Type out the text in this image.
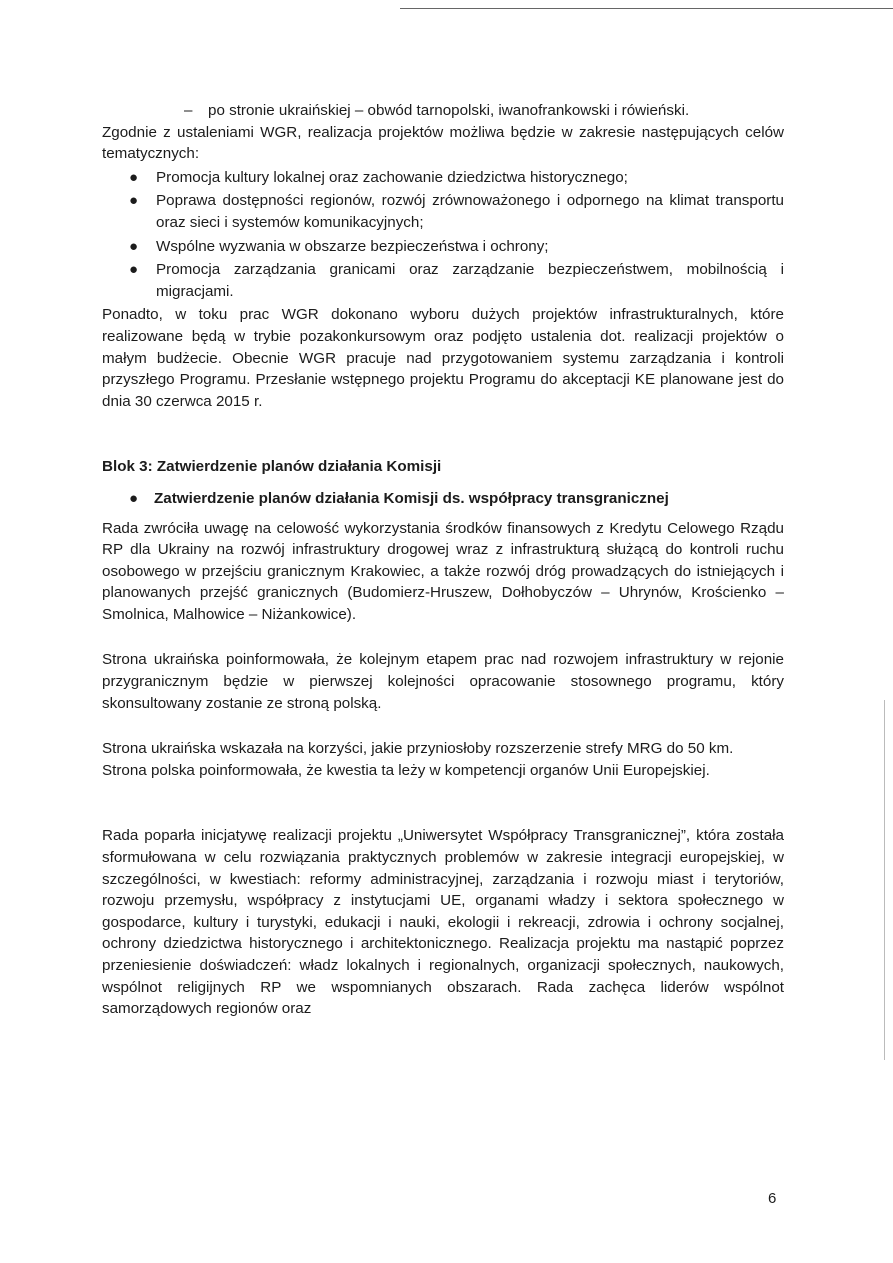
–	po stronie ukraińskiej – obwód tarnopolski, iwanofrankowski i rówieński.

Zgodnie z ustaleniami WGR, realizacja projektów możliwa będzie w zakresie następujących celów tematycznych:

● Promocja kultury lokalnej oraz zachowanie dziedzictwa historycznego;
● Poprawa dostępności regionów, rozwój zrównoważonego i odpornego na klimat transportu oraz sieci i systemów komunikacyjnych;
● Wspólne wyzwania w obszarze bezpieczeństwa i ochrony;
● Promocja zarządzania granicami oraz zarządzanie bezpieczeństwem, mobilnością i migracjami.

Ponadto, w toku prac WGR dokonano wyboru dużych projektów infrastrukturalnych, które realizowane będą w trybie pozakonkursowym oraz podjęto ustalenia dot. realizacji projektów o małym budżecie. Obecnie WGR pracuje nad przygotowaniem systemu zarządzania i kontroli przyszłego Programu. Przesłanie wstępnego projektu Programu do akceptacji KE planowane jest do dnia 30 czerwca 2015 r.

Blok 3: Zatwierdzenie planów działania Komisji
● Zatwierdzenie planów działania Komisji ds. współpracy transgranicznej

Rada zwróciła uwagę na celowość wykorzystania środków finansowych z Kredytu Celowego Rządu RP dla Ukrainy na rozwój infrastruktury drogowej wraz z infrastrukturą służącą do kontroli ruchu osobowego w przejściu granicznym Krakowiec, a także rozwój dróg prowadzących do istniejących i planowanych przejść granicznych (Budomierz-Hruszew, Dołhobyczów – Uhrynów, Krościenko – Smolnica, Malhowice – Niżankowice).

Strona ukraińska poinformowała, że kolejnym etapem prac nad rozwojem infrastruktury w rejonie przygranicznym będzie w pierwszej kolejności opracowanie stosownego programu, który skonsultowany zostanie ze stroną polską.

Strona ukraińska wskazała na korzyści, jakie przyniosłoby rozszerzenie strefy MRG do 50 km.

Strona polska poinformowała, że kwestia ta leży w kompetencji organów Unii Europejskiej.

Rada poparła inicjatywę realizacji projektu „Uniwersytet Współpracy Transgranicznej”, która została sformułowana w celu rozwiązania praktycznych problemów w zakresie integracji europejskiej, w szczególności, w kwestiach: reformy administracyjnej, zarządzania i rozwoju miast i terytoriów, rozwoju przemysłu, współpracy z instytucjami UE, organami władzy i sektora społecznego w gospodarce, kultury i turystyki, edukacji i nauki, ekologii i rekreacji, zdrowia i ochrony socjalnej, ochrony dziedzictwa historycznego i architektonicznego. Realizacja projektu ma nastąpić poprzez przeniesienie doświadczeń: władz lokalnych i regionalnych, organizacji społecznych, naukowych, wspólnot religijnych RP we wspomnianych obszarach. Rada zachęca liderów wspólnot samorządowych regionów oraz

6
